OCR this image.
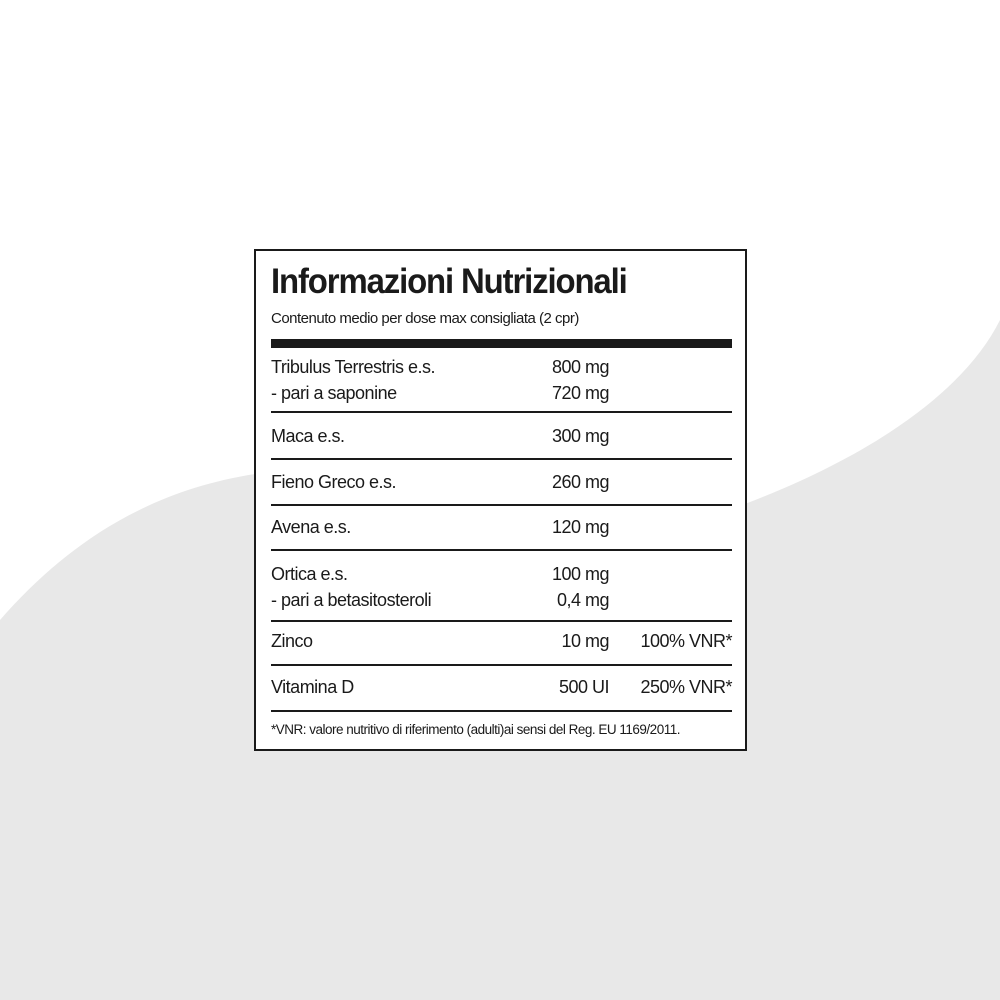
Informazioni Nutrizionali
Contenuto medio per dose max consigliata (2 cpr)
Tribulus Terrestris e.s.	800 mg
- pari a saponine	720 mg
Maca e.s.	300 mg
Fieno Greco e.s.	260 mg
Avena e.s.	120 mg
Ortica e.s.	100 mg
- pari a betasitosteroli	0,4 mg
Zinco	10 mg 100% VNR*
Vitamina D	500 UI 250% VNR*
*VNR: valore nutritivo di riferimento (adulti)ai sensi del Reg. EU 1169/2011.
